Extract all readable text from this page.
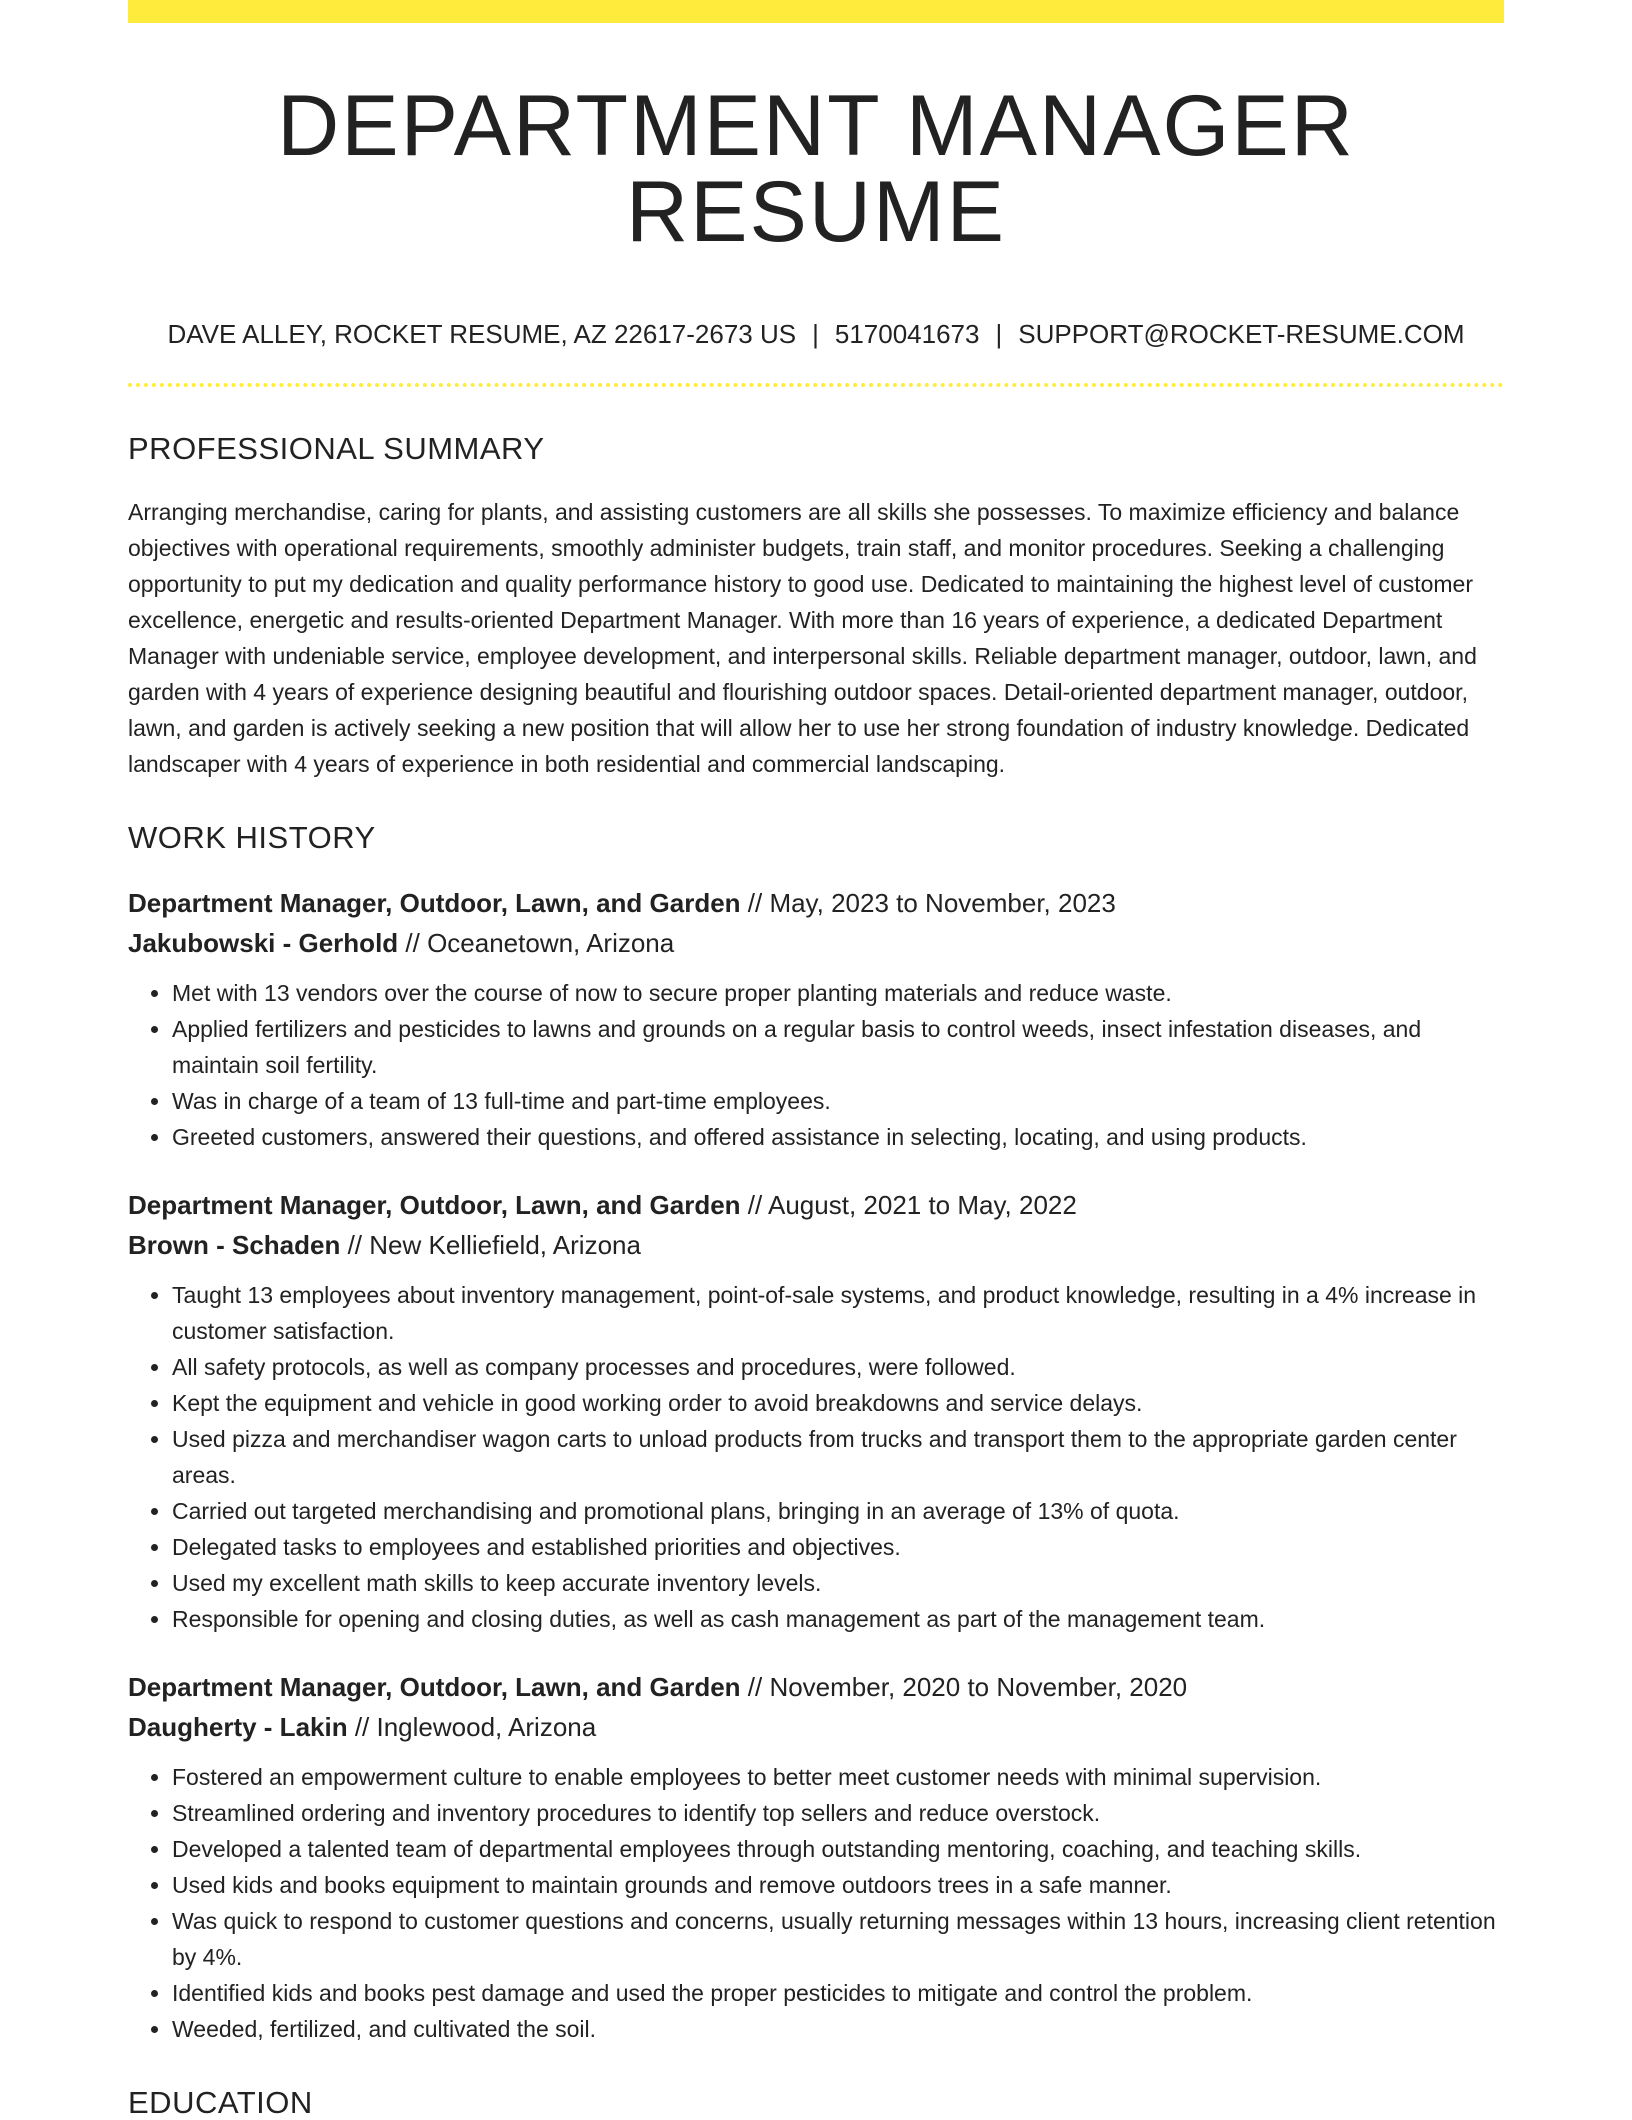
DEPARTMENT MANAGER RESUME
DAVE ALLEY, ROCKET RESUME, AZ 22617-2673 US | 5170041673 | SUPPORT@ROCKET-RESUME.COM
PROFESSIONAL SUMMARY

Arranging merchandise, caring for plants, and assisting customers are all skills she possesses. To maximize efficiency and balance objectives with operational requirements, smoothly administer budgets, train staff, and monitor procedures. Seeking a challenging opportunity to put my dedication and quality performance history to good use. Dedicated to maintaining the highest level of customer excellence, energetic and results-oriented Department Manager. With more than 16 years of experience, a dedicated Department Manager with undeniable service, employee development, and interpersonal skills. Reliable department manager, outdoor, lawn, and garden with 4 years of experience designing beautiful and flourishing outdoor spaces. Detail-oriented department manager, outdoor, lawn, and garden is actively seeking a new position that will allow her to use her strong foundation of industry knowledge. Dedicated landscaper with 4 years of experience in both residential and commercial landscaping.

WORK HISTORY
Department Manager, Outdoor, Lawn, and Garden // May, 2023 to November, 2023
Jakubowski - Gerhold // Oceanetown, Arizona
• Met with 13 vendors over the course of now to secure proper planting materials and reduce waste.
• Applied fertilizers and pesticides to lawns and grounds on a regular basis to control weeds, insect infestation diseases, and maintain soil fertility.
• Was in charge of a team of 13 full-time and part-time employees.
• Greeted customers, answered their questions, and offered assistance in selecting, locating, and using products.
Department Manager, Outdoor, Lawn, and Garden // August, 2021 to May, 2022
Brown - Schaden // New Kelliefield, Arizona
• Taught 13 employees about inventory management, point-of-sale systems, and product knowledge, resulting in a 4% increase in customer satisfaction.
• All safety protocols, as well as company processes and procedures, were followed.
• Kept the equipment and vehicle in good working order to avoid breakdowns and service delays.
• Used pizza and merchandiser wagon carts to unload products from trucks and transport them to the appropriate garden center areas.
• Carried out targeted merchandising and promotional plans, bringing in an average of 13% of quota.
• Delegated tasks to employees and established priorities and objectives.
• Used my excellent math skills to keep accurate inventory levels.
• Responsible for opening and closing duties, as well as cash management as part of the management team.
Department Manager, Outdoor, Lawn, and Garden // November, 2020 to November, 2020
Daugherty - Lakin // Inglewood, Arizona
• Fostered an empowerment culture to enable employees to better meet customer needs with minimal supervision.
• Streamlined ordering and inventory procedures to identify top sellers and reduce overstock.
• Developed a talented team of departmental employees through outstanding mentoring, coaching, and teaching skills.
• Used kids and books equipment to maintain grounds and remove outdoors trees in a safe manner.
• Was quick to respond to customer questions and concerns, usually returning messages within 13 hours, increasing client retention by 4%.
• Identified kids and books pest damage and used the proper pesticides to mitigate and control the problem.
• Weeded, fertilized, and cultivated the soil.
EDUCATION
